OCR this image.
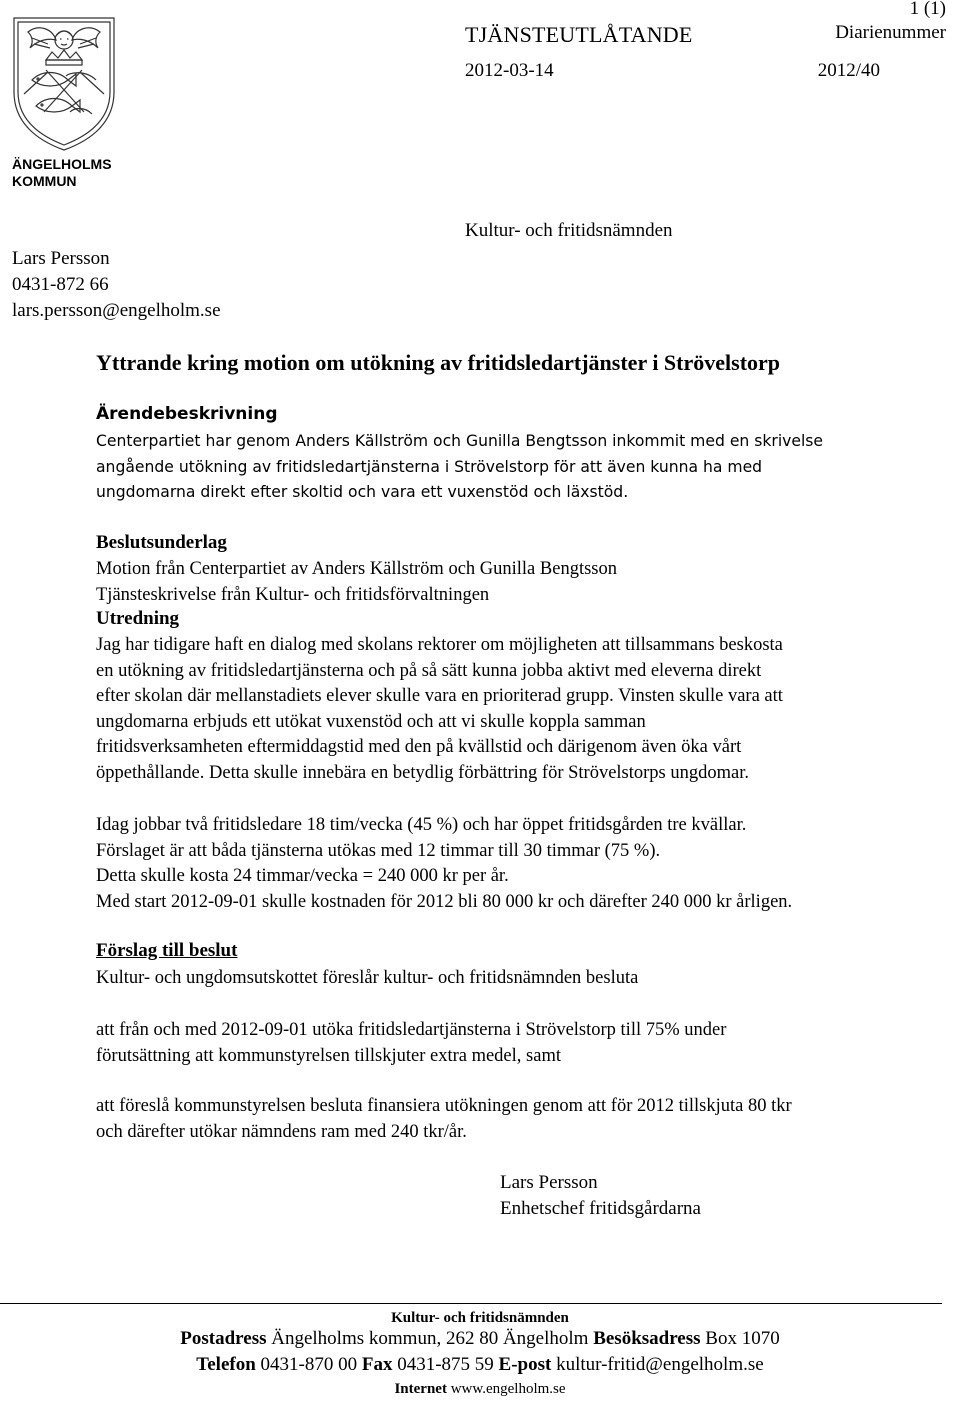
1 (1)
TJÄNSTEUTLÅTANDE	Diarienummer
2012-03-14	2012/40
ÄNGELHOLMS
KOMMUN
Lars Persson
0431-872 66
lars.persson@engelholm.se
Kultur- och fritidsnämnden
Yttrande kring motion om utökning av fritidsledartjänster i Strövelstorp
Ärendebeskrivning

Centerpartiet har genom Anders Källström och Gunilla Bengtsson inkommit med en skrivelse

angående utökning av fritidsledartjänsterna i Strövelstorp för att även kunna ha med

ungdomarna direkt efter skoltid och vara ett vuxenstöd och läxstöd.

Beslutsunderlag

Motion från Centerpartiet av Anders Källström och Gunilla Bengtsson

Tjänsteskrivelse från Kultur- och fritidsförvaltningen

Utredning

Jag har tidigare haft en dialog med skolans rektorer om möjligheten att tillsammans beskosta

en utökning av fritidsledartjänsterna och på så sätt kunna jobba aktivt med eleverna direkt

efter skolan där mellanstadiets elever skulle vara en prioriterad grupp. Vinsten skulle vara att

ungdomarna erbjuds ett utökat vuxenstöd och att vi skulle koppla samman

fritidsverksamheten eftermiddagstid med den på kvällstid och därigenom även öka vårt

öppethållande. Detta skulle innebära en betydlig förbättring för Strövelstorps ungdomar.

Idag jobbar två fritidsledare 18 tim/vecka (45 %) och har öppet fritidsgården tre kvällar.

Förslaget är att båda tjänsterna utökas med 12 timmar till 30 timmar (75 %).

Detta skulle kosta 24 timmar/vecka = 240 000 kr per år.

Med start 2012-09-01 skulle kostnaden för 2012 bli 80 000 kr och därefter 240 000 kr årligen.

Förslag till beslut

Kultur- och ungdomsutskottet föreslår kultur- och fritidsnämnden besluta

att från och med 2012-09-01 utöka fritidsledartjänsterna i Strövelstorp till 75% under

förutsättning att kommunstyrelsen tillskjuter extra medel, samt

att föreslå kommunstyrelsen besluta finansiera utökningen genom att för 2012 tillskjuta 80 tkr

och därefter utökar nämndens ram med 240 tkr/år.

Lars Persson
Enhetschef fritidsgårdarna
Kultur- och fritidsnämnden
Postadress Ängelholms kommun, 262 80 Ängelholm Besöksadress Box 1070
Telefon 0431-870 00 Fax 0431-875 59 E-post kultur-fritid@engelholm.se
Internet www.engelholm.se
